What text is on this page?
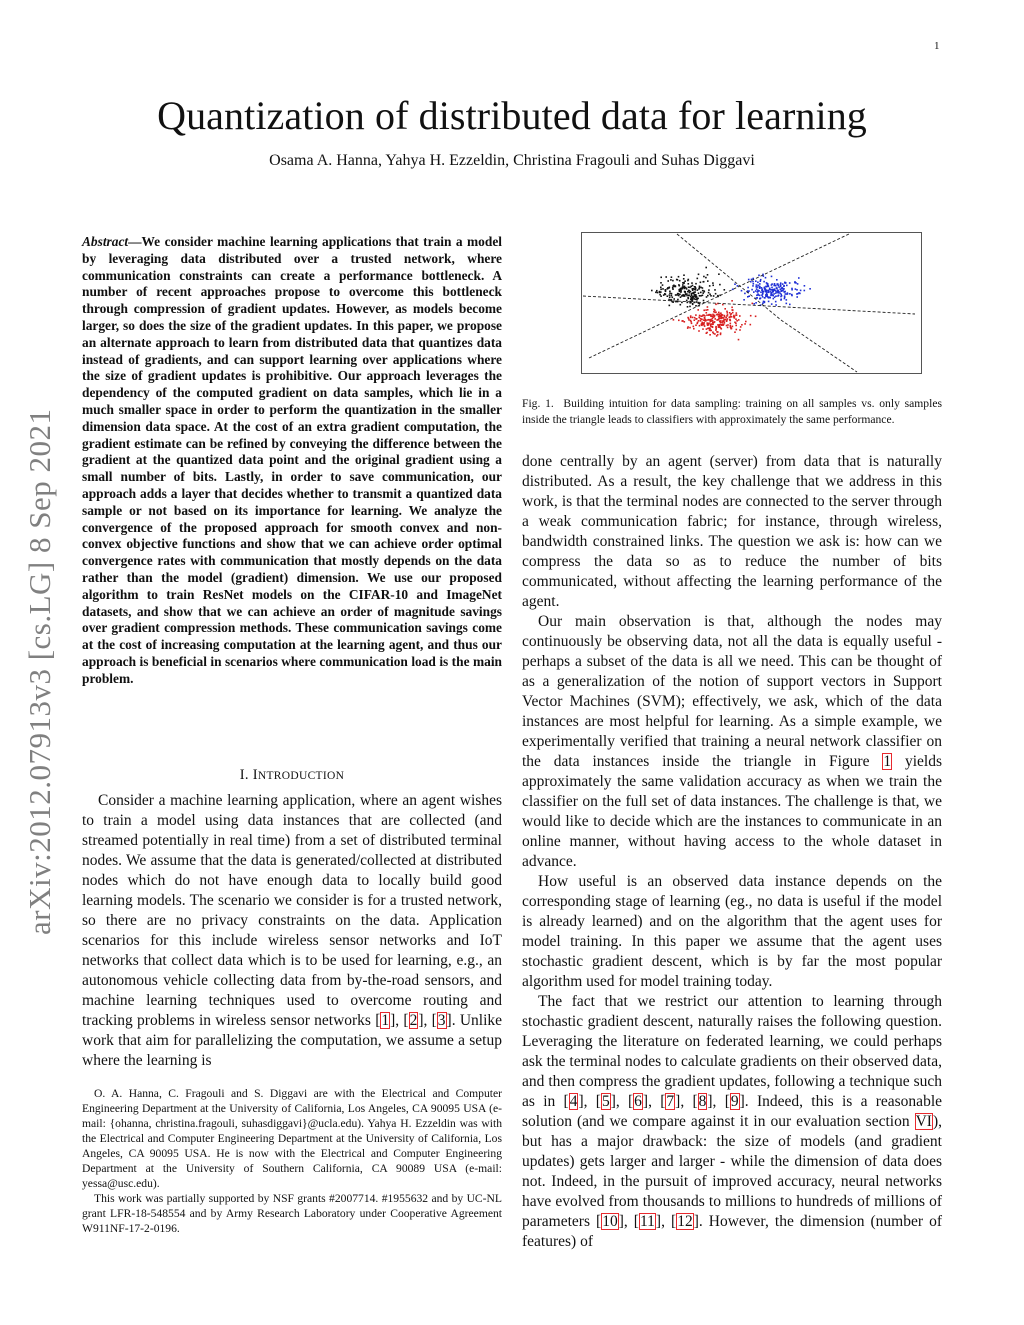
1
Quantization of distributed data for learning
Osama A. Hanna, Yahya H. Ezzeldin, Christina Fragouli and Suhas Diggavi
arXiv:2012.07913v3 [cs.LG] 8 Sep 2021
Abstract—We consider machine learning applications that train a model by leveraging data distributed over a trusted network, where communication constraints can create a performance bottleneck. A number of recent approaches propose to overcome this bottleneck through compression of gradient updates. However, as models become larger, so does the size of the gradient updates. In this paper, we propose an alternate approach to learn from distributed data that quantizes data instead of gradients, and can support learning over applications where the size of gradient updates is prohibitive. Our approach leverages the dependency of the computed gradient on data samples, which lie in a much smaller space in order to perform the quantization in the smaller dimension data space. At the cost of an extra gradient computation, the gradient estimate can be refined by conveying the difference between the gradient at the quantized data point and the original gradient using a small number of bits. Lastly, in order to save communication, our approach adds a layer that decides whether to transmit a quantized data sample or not based on its importance for learning. We analyze the convergence of the proposed approach for smooth convex and non-convex objective functions and show that we can achieve order optimal convergence rates with communication that mostly depends on the data rather than the model (gradient) dimension. We use our proposed algorithm to train ResNet models on the CIFAR-10 and ImageNet datasets, and show that we can achieve an order of magnitude savings over gradient compression methods. These communication savings come at the cost of increasing computation at the learning agent, and thus our approach is beneficial in scenarios where communication load is the main problem.
I. INTRODUCTION

Consider a machine learning application, where an agent wishes to train a model using data instances that are collected (and streamed potentially in real time) from a set of distributed terminal nodes. We assume that the data is generated/collected at distributed nodes which do not have enough data to locally build good learning models. The scenario we consider is for a trusted network, so there are no privacy constraints on the data. Application scenarios for this include wireless sensor networks and IoT networks that collect data which is to be used for learning, e.g., an autonomous vehicle collecting data from by-the-road sensors, and machine learning techniques used to overcome routing and tracking problems in wireless sensor networks [1], [2], [3]. Unlike work that aim for parallelizing the computation, we assume a setup where the learning is

O. A. Hanna, C. Fragouli and S. Diggavi are with the Electrical and Computer Engineering Department at the University of California, Los Angeles, CA 90095 USA (e-mail: {ohanna, christina.fragouli, suhasdiggavi}@ucla.edu). Yahya H. Ezzeldin was with the Electrical and Computer Engineering Department at the University of California, Los Angeles, CA 90095 USA. He is now with the Electrical and Computer Engineering Department at the University of Southern California, CA 90089 USA (e-mail: yessa@usc.edu).

This work was partially supported by NSF grants #2007714. #1955632 and by UC-NL grant LFR-18-548554 and by Army Research Laboratory under Cooperative Agreement W911NF-17-2-0196.

Fig. 1. Building intuition for data sampling: training on all samples vs. only samples inside the triangle leads to classifiers with approximately the same performance.

done centrally by an agent (server) from data that is naturally distributed. As a result, the key challenge that we address in this work, is that the terminal nodes are connected to the server through a weak communication fabric; for instance, through wireless, bandwidth constrained links. The question we ask is: how can we compress the data so as to reduce the number of bits communicated, without affecting the learning performance of the agent.

Our main observation is that, although the nodes may continuously be observing data, not all the data is equally useful - perhaps a subset of the data is all we need. This can be thought of as a generalization of the notion of support vectors in Support Vector Machines (SVM); effectively, we ask, which of the data instances are most helpful for learning. As a simple example, we experimentally verified that training a neural network classifier on the data instances inside the triangle in Figure 1 yields approximately the same validation accuracy as when we train the classifier on the full set of data instances. The challenge is that, we would like to decide which are the instances to communicate in an online manner, without having access to the whole dataset in advance.

How useful is an observed data instance depends on the corresponding stage of learning (eg., no data is useful if the model is already learned) and on the algorithm that the agent uses for model training. In this paper we assume that the agent uses stochastic gradient descent, which is by far the most popular algorithm used for model training today.

The fact that we restrict our attention to learning through stochastic gradient descent, naturally raises the following question. Leveraging the literature on federated learning, we could perhaps ask the terminal nodes to calculate gradients on their observed data, and then compress the gradient updates, following a technique such as in [4], [5], [6], [7], [8], [9]. Indeed, this is a reasonable solution (and we compare against it in our evaluation section VI), but has a major drawback: the size of models (and gradient updates) gets larger and larger - while the dimension of data does not. Indeed, in the pursuit of improved accuracy, neural networks have evolved from thousands to millions to hundreds of millions of parameters [10], [11], [12]. However, the dimension (number of features) of
